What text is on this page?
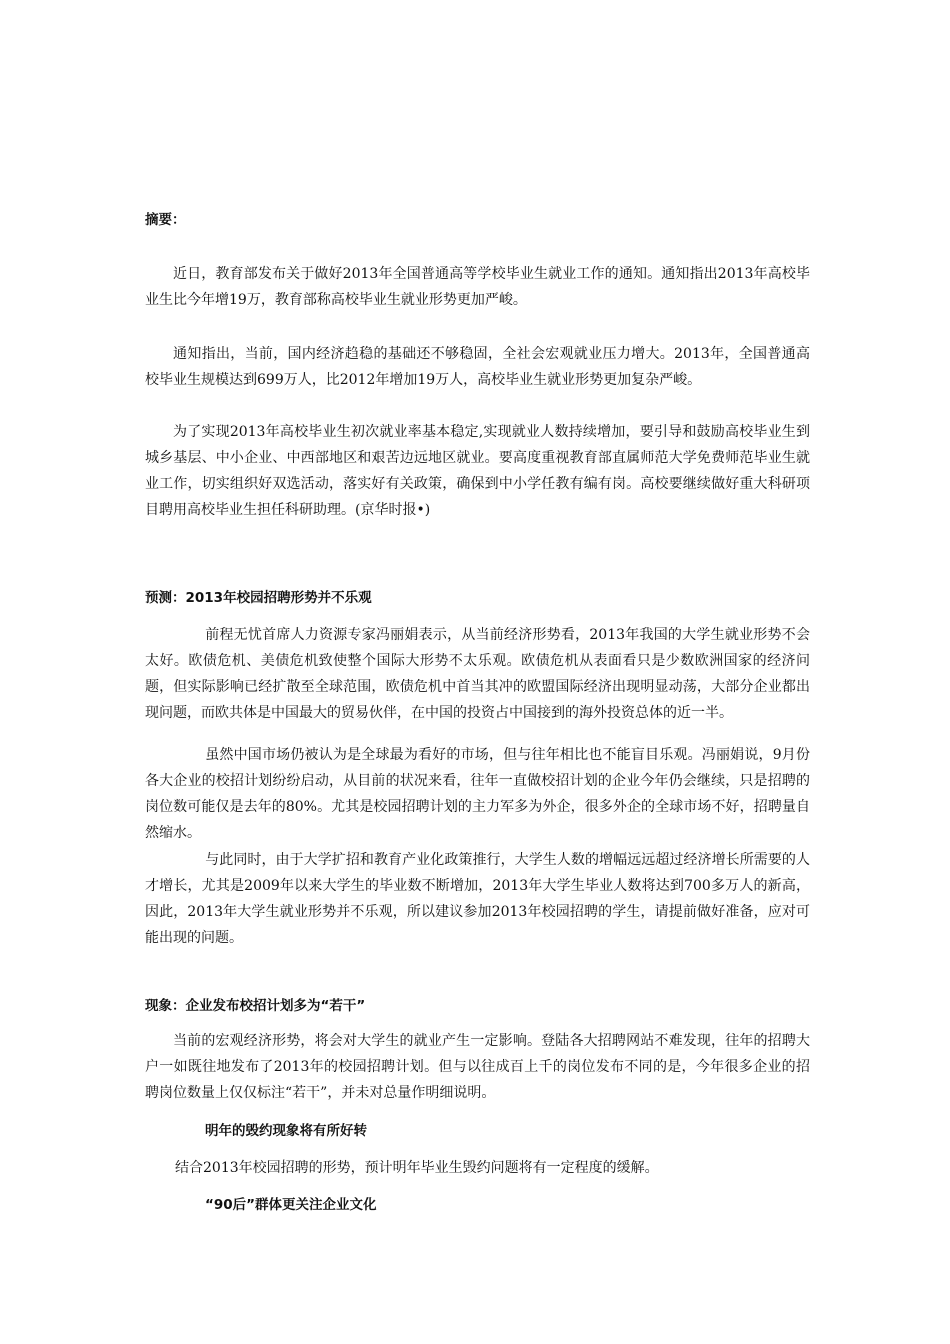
摘要：

近日，教育部发布关于做好2013年全国普通高等学校毕业生就业工作的通知。通知指出2013年高校毕业生比今年增19万，教育部称高校毕业生就业形势更加严峻。

通知指出，当前，国内经济趋稳的基础还不够稳固，全社会宏观就业压力增大。2013年，全国普通高校毕业生规模达到699万人，比2012年增加19万人，高校毕业生就业形势更加复杂严峻。

为了实现2013年高校毕业生初次就业率基本稳定,实现就业人数持续增加，要引导和鼓励高校毕业生到城乡基层、中小企业、中西部地区和艰苦边远地区就业。要高度重视教育部直属师范大学免费师范毕业生就业工作，切实组织好双选活动，落实好有关政策，确保到中小学任教有编有岗。高校要继续做好重大科研项目聘用高校毕业生担任科研助理。(京华时报•)

预测：2013年校园招聘形势并不乐观

前程无忧首席人力资源专家冯丽娟表示，从当前经济形势看，2013年我国的大学生就业形势不会太好。欧债危机、美债危机致使整个国际大形势不太乐观。欧债危机从表面看只是少数欧洲国家的经济问题，但实际影响已经扩散至全球范围，欧债危机中首当其冲的欧盟国际经济出现明显动荡，大部分企业都出现问题，而欧共体是中国最大的贸易伙伴，在中国的投资占中国接到的海外投资总体的近一半。

虽然中国市场仍被认为是全球最为看好的市场，但与往年相比也不能盲目乐观。冯丽娟说，9月份各大企业的校招计划纷纷启动，从目前的状况来看，往年一直做校招计划的企业今年仍会继续，只是招聘的岗位数可能仅是去年的80%。尤其是校园招聘计划的主力军多为外企，很多外企的全球市场不好，招聘量自然缩水。

与此同时，由于大学扩招和教育产业化政策推行，大学生人数的增幅远远超过经济增长所需要的人才增长，尤其是2009年以来大学生的毕业数不断增加，2013年大学生毕业人数将达到700多万人的新高，因此，2013年大学生就业形势并不乐观，所以建议参加2013年校园招聘的学生，请提前做好准备，应对可能出现的问题。

现象：企业发布校招计划多为“若干”

当前的宏观经济形势，将会对大学生的就业产生一定影响。登陆各大招聘网站不难发现，往年的招聘大户一如既往地发布了2013年的校园招聘计划。但与以往成百上千的岗位发布不同的是，今年很多企业的招聘岗位数量上仅仅标注“若干”，并未对总量作明细说明。

明年的毁约现象将有所好转

结合2013年校园招聘的形势，预计明年毕业生毁约问题将有一定程度的缓解。

“90后”群体更关注企业文化
